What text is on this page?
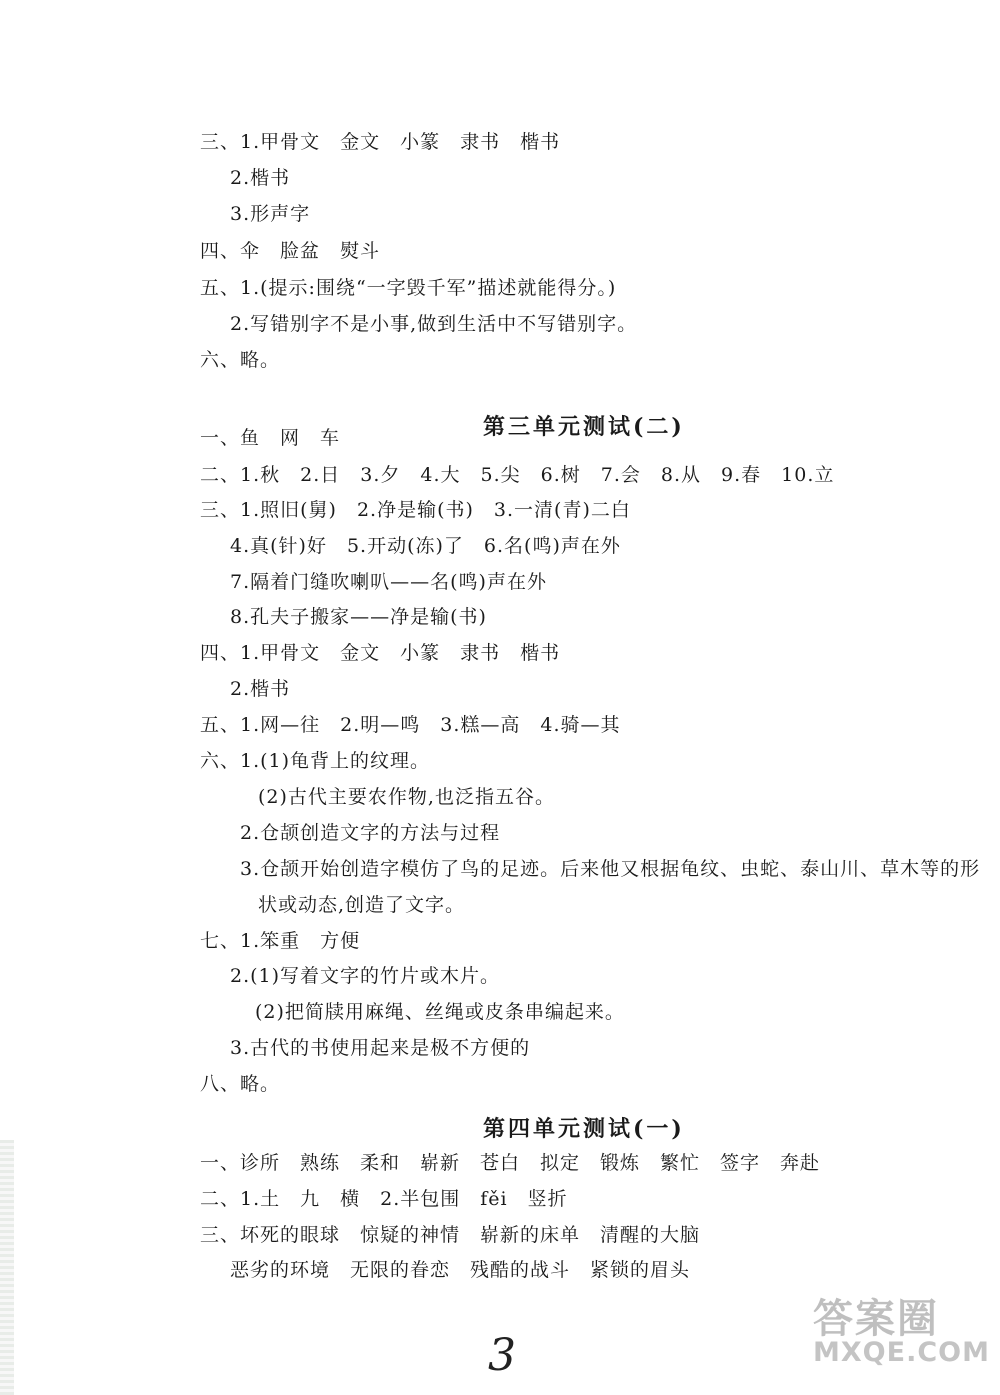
三、1.甲骨文　金文　小篆　隶书　楷书
2.楷书
3.形声字
四、伞　脸盆　熨斗
五、1.(提示:围绕“一字毁千军”描述就能得分。)
2.写错别字不是小事,做到生活中不写错别字。
六、略。
第三单元测试(二)
一、鱼　网　车
二、1.秋　2.日　3.夕　4.大　5.尖　6.树　7.会　8.从　9.春　10.立
三、1.照旧(舅)　2.净是输(书)　3.一清(青)二白
4.真(针)好　5.开动(冻)了　6.名(鸣)声在外
7.隔着门缝吹喇叭——名(鸣)声在外
8.孔夫子搬家——净是输(书)
四、1.甲骨文　金文　小篆　隶书　楷书
2.楷书
五、1.网—往　2.明—鸣　3.糕—高　4.骑—其
六、1.(1)龟背上的纹理。
(2)古代主要农作物,也泛指五谷。
2.仓颉创造文字的方法与过程
3.仓颉开始创造字模仿了鸟的足迹。后来他又根据龟纹、虫蛇、泰山川、草木等的形
状或动态,创造了文字。
七、1.笨重　方便
2.(1)写着文字的竹片或木片。
(2)把简牍用麻绳、丝绳或皮条串编起来。
3.古代的书使用起来是极不方便的
八、略。
第四单元测试(一)
一、诊所　熟练　柔和　崭新　苍白　拟定　锻炼　繁忙　签字　奔赴
二、1.土　九　横　2.半包围　fěi　竖折
三、坏死的眼球　惊疑的神情　崭新的床单　清醒的大脑
恶劣的环境　无限的眷恋　残酷的战斗　紧锁的眉头
3
答案圈
MXQE.COM
